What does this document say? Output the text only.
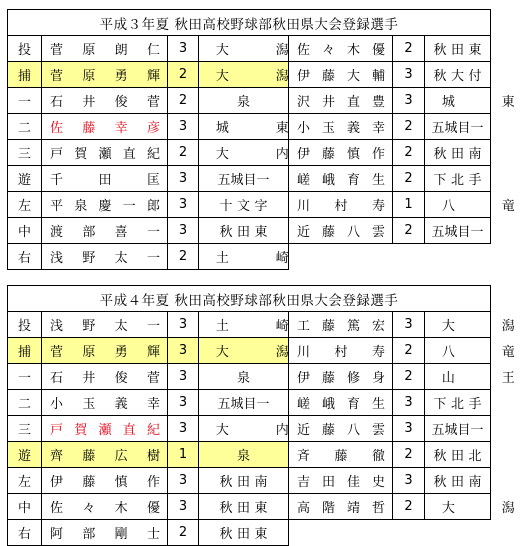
平成３年夏 秋田高校野球部秋田県大会登録選手						
投	菅原朗仁	3	大　潟	佐々木優	2	秋田東
捕	菅原勇輝	2	大　潟	伊藤大輔	3	秋大付
一	石井俊菅	2	泉	沢井直豊	3	城　東
二	佐藤幸彦	3	城　東	小玉義幸	2	五城目一
三	戸賀瀬直紀	2	大　内	伊藤慎作	2	秋田南
遊	千田匡	3	五城目一	嵯峨育生	2	下北手
左	平泉慶一郎	3	十文字	川村寿	1	八　竜
中	渡部喜一	3	秋田東	近藤八雲	2	五城目一
右	浅野太一	2	土　崎			
平成４年夏 秋田高校野球部秋田県大会登録選手						
投	浅野太一	3	土　崎	工藤篤宏	3	大　潟
捕	菅原勇輝	3	大　潟	川村寿	2	八　竜
一	石井俊菅	3	泉	伊藤修身	2	山　王
二	小玉義幸	3	五城目一	嵯峨育生	3	下北手
三	戸賀瀬直紀	3	大　内	近藤八雲	3	五城目一
遊	齊藤広樹	1	泉	斉藤徹	2	秋田北
左	伊藤慎作	3	秋田南	吉田佳史	3	秋田南
中	佐々木優	3	秋田東	高階靖哲	2	大　潟
右	阿部剛士	2	秋田東			
